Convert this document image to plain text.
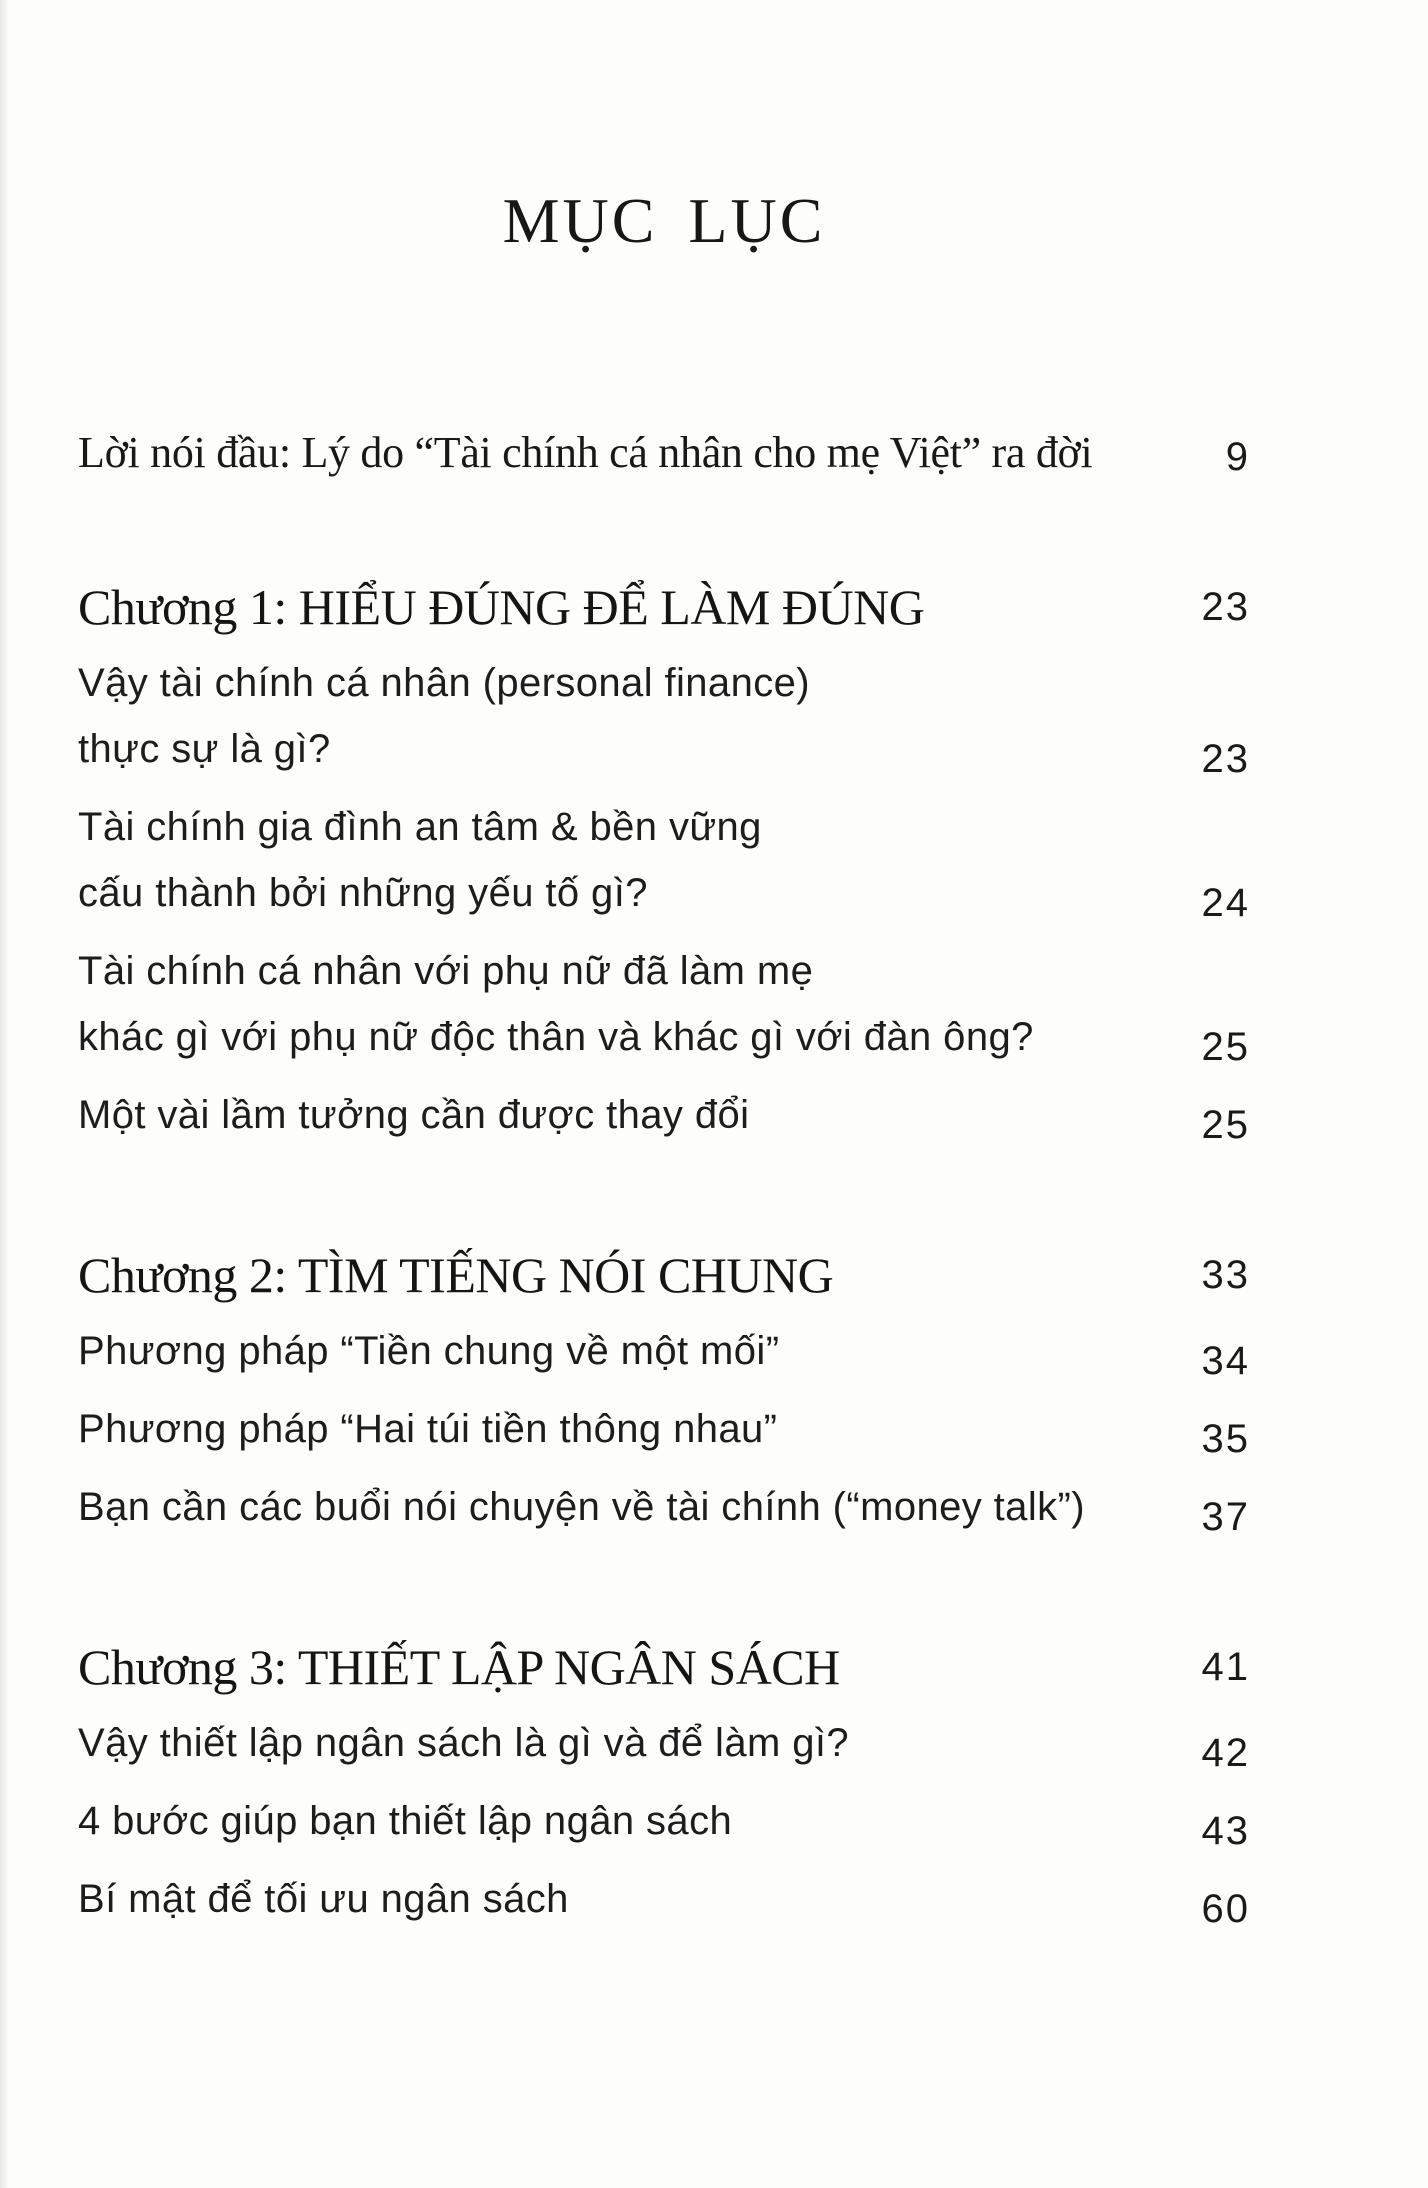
MỤC LỤC
Lời nói đầu: Lý do “Tài chính cá nhân cho mẹ Việt” ra đời	9
Chương 1: HIỂU ĐÚNG ĐỂ LÀM ĐÚNG	23
Vậy tài chính cá nhân (personal finance)
thực sự là gì?	23
Tài chính gia đình an tâm & bền vững
cấu thành bởi những yếu tố gì?	24
Tài chính cá nhân với phụ nữ đã làm mẹ
khác gì với phụ nữ độc thân và khác gì với đàn ông?	25
Một vài lầm tưởng cần được thay đổi	25
Chương 2: TÌM TIẾNG NÓI CHUNG	33
Phương pháp “Tiền chung về một mối”	34
Phương pháp “Hai túi tiền thông nhau”	35
Bạn cần các buổi nói chuyện về tài chính (“money talk”)	37
Chương 3: THIẾT LẬP NGÂN SÁCH	41
Vậy thiết lập ngân sách là gì và để làm gì?	42
4 bước giúp bạn thiết lập ngân sách	43
Bí mật để tối ưu ngân sách	60
